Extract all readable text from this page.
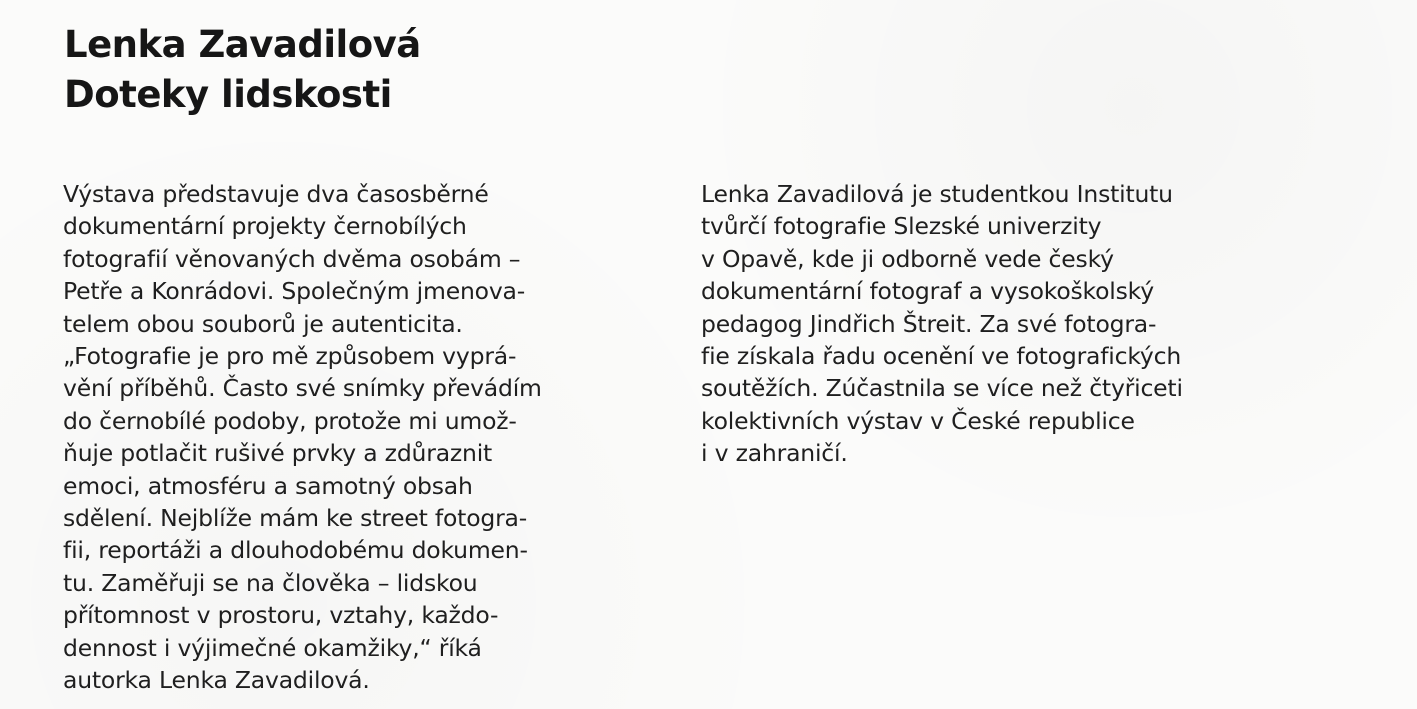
Lenka Zavadilová
Doteky lidskosti
Výstava představuje dva časosběrné
dokumentární projekty černobílých
fotografií věnovaných dvěma osobám –
Petře a Konrádovi. Společným jmenova-
telem obou souborů je autenticita.
„Fotografie je pro mě způsobem vyprá-
vění příběhů. Často své snímky převádím
do černobílé podoby, protože mi umož-
ňuje potlačit rušivé prvky a zdůraznit
emoci, atmosféru a samotný obsah
sdělení. Nejblíže mám ke street fotogra-
fii, reportáži a dlouhodobému dokumen-
tu. Zaměřuji se na člověka – lidskou
přítomnost v prostoru, vztahy, každo-
dennost i výjimečné okamžiky,“ říká
autorka Lenka Zavadilová.
Lenka Zavadilová je studentkou Institutu
tvůrčí fotografie Slezské univerzity
v Opavě, kde ji odborně vede český
dokumentární fotograf a vysokoškolský
pedagog Jindřich Štreit. Za své fotogra-
fie získala řadu ocenění ve fotografických
soutěžích. Zúčastnila se více než čtyřiceti
kolektivních výstav v České republice
i v zahraničí.
